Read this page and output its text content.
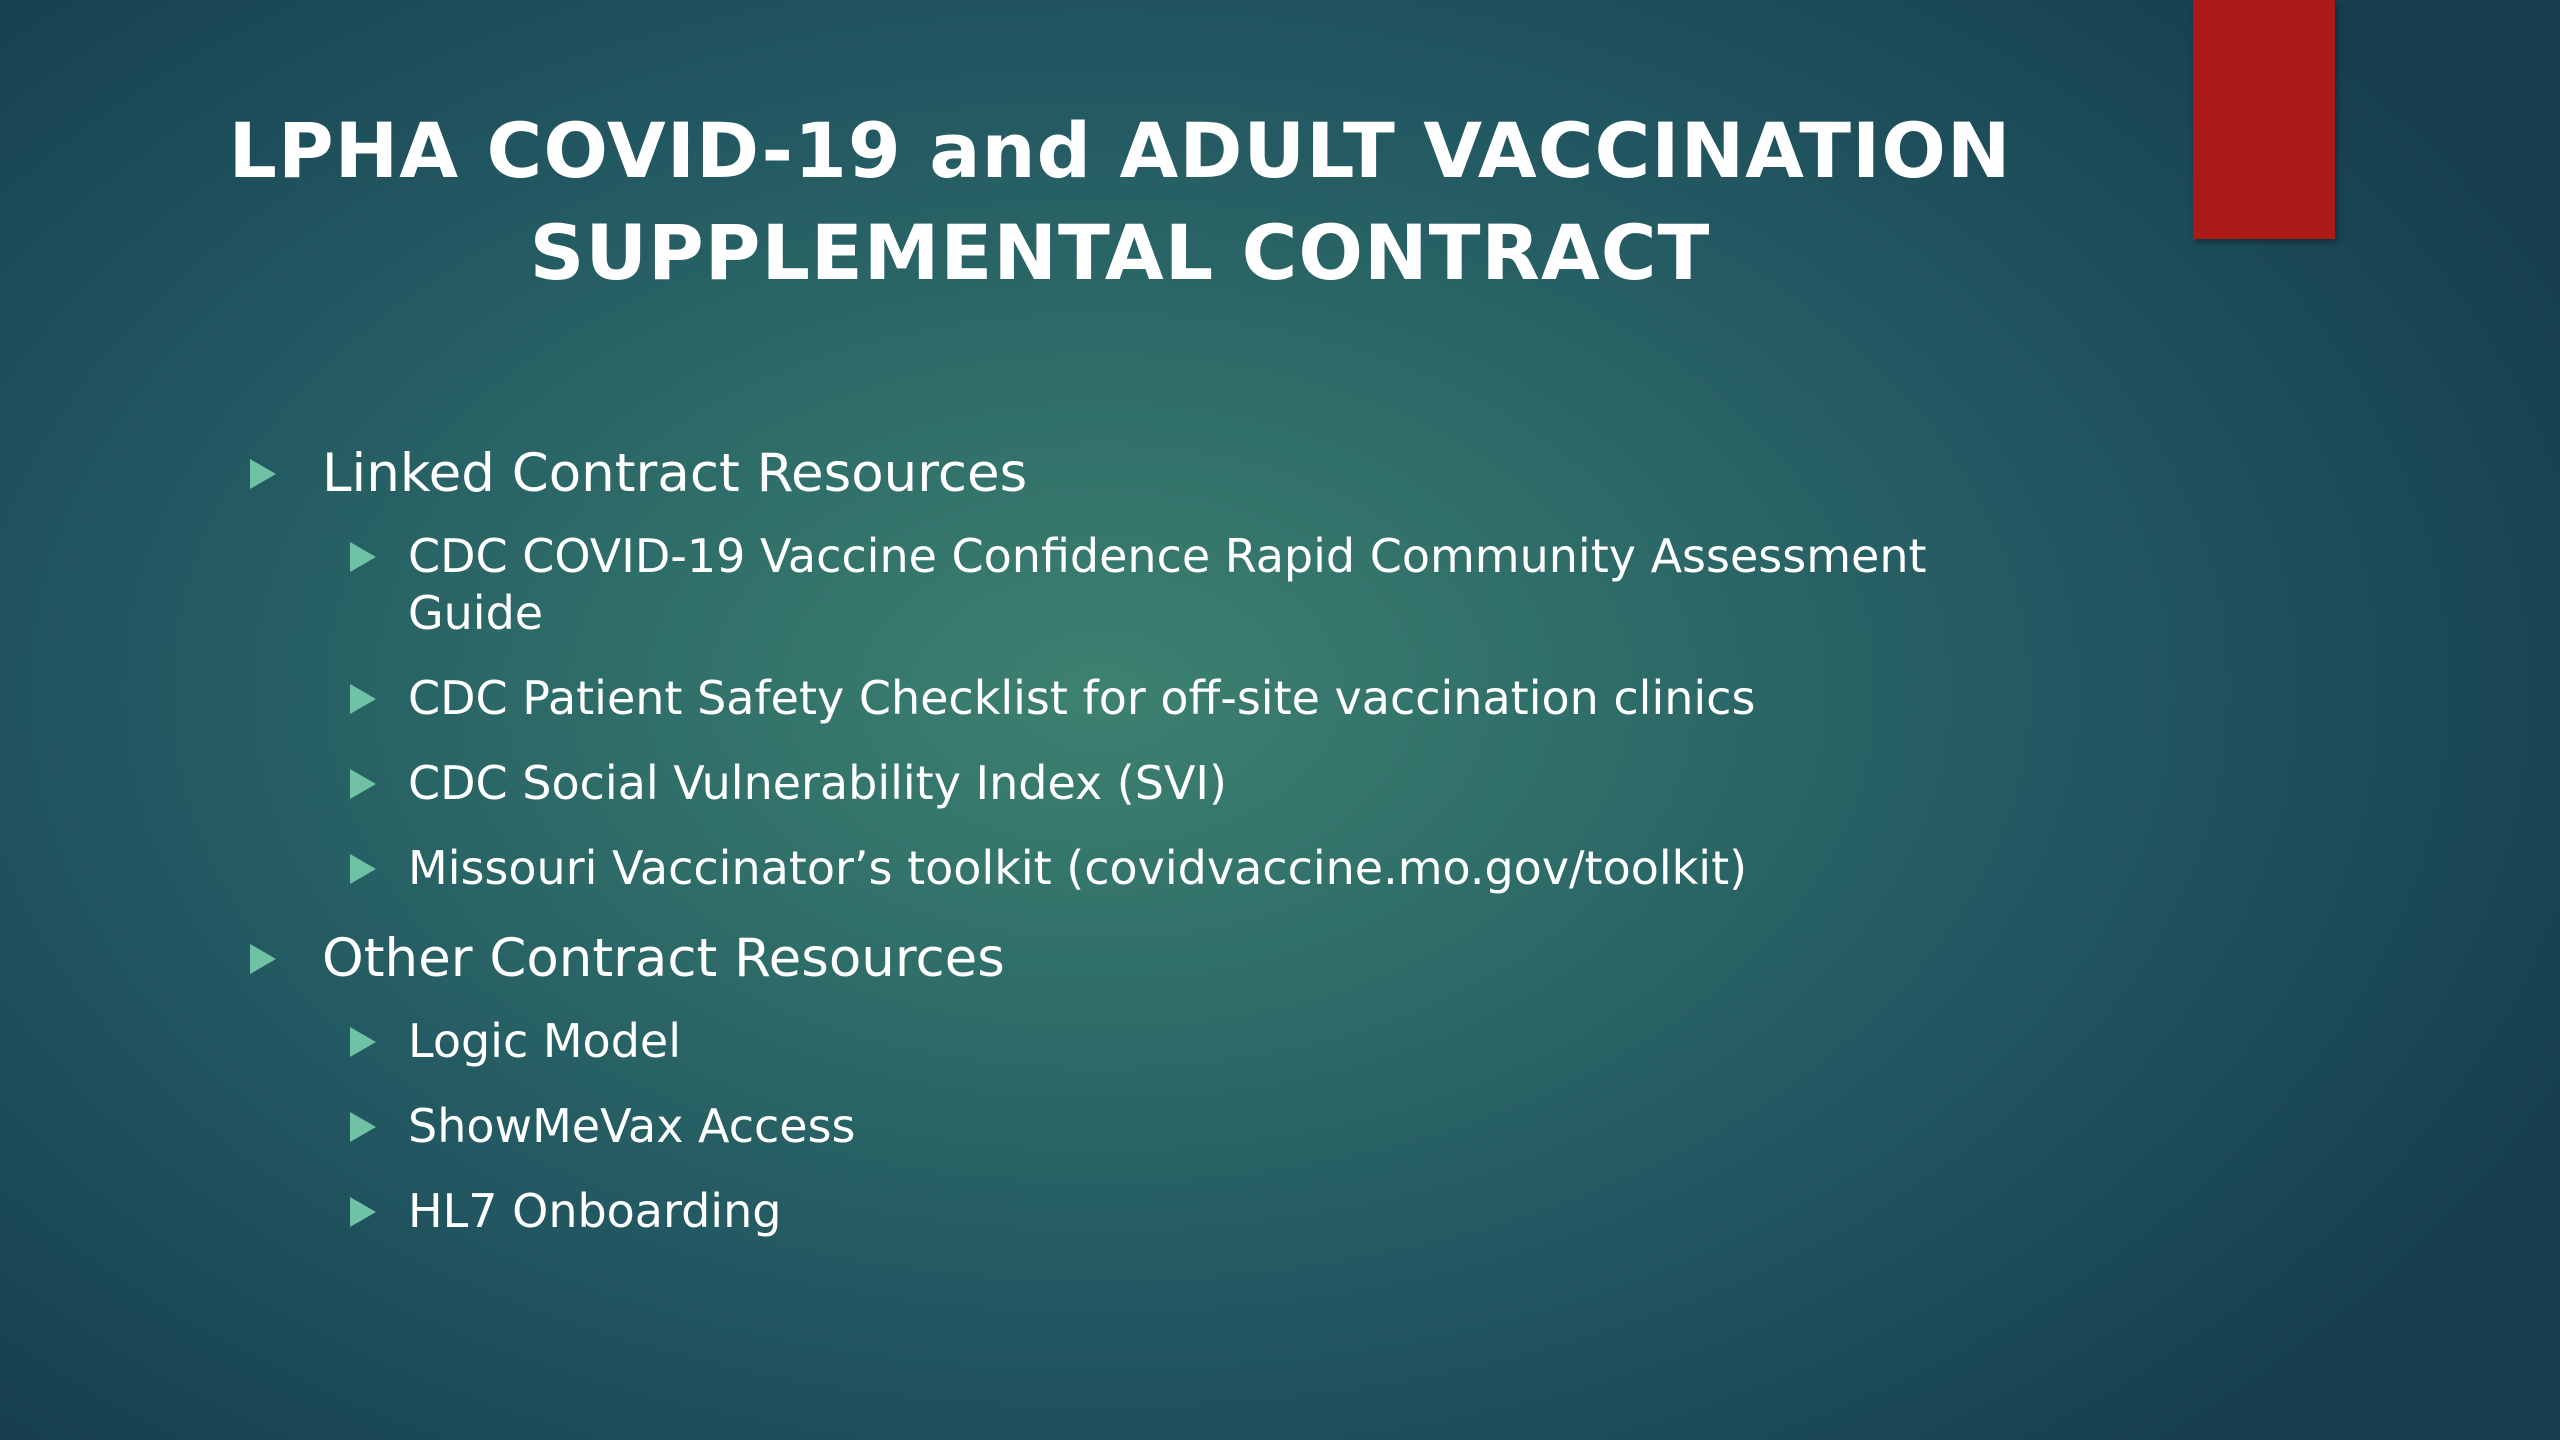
LPHA COVID-19 and ADULT VACCINATION
SUPPLEMENTAL CONTRACT
Linked Contract Resources
CDC COVID-19 Vaccine Confidence Rapid Community Assessment Guide
CDC Patient Safety Checklist for off-site vaccination clinics
CDC Social Vulnerability Index (SVI)
Missouri Vaccinator’s toolkit (covidvaccine.mo.gov/toolkit)
Other Contract Resources
Logic Model
ShowMeVax Access
HL7 Onboarding
